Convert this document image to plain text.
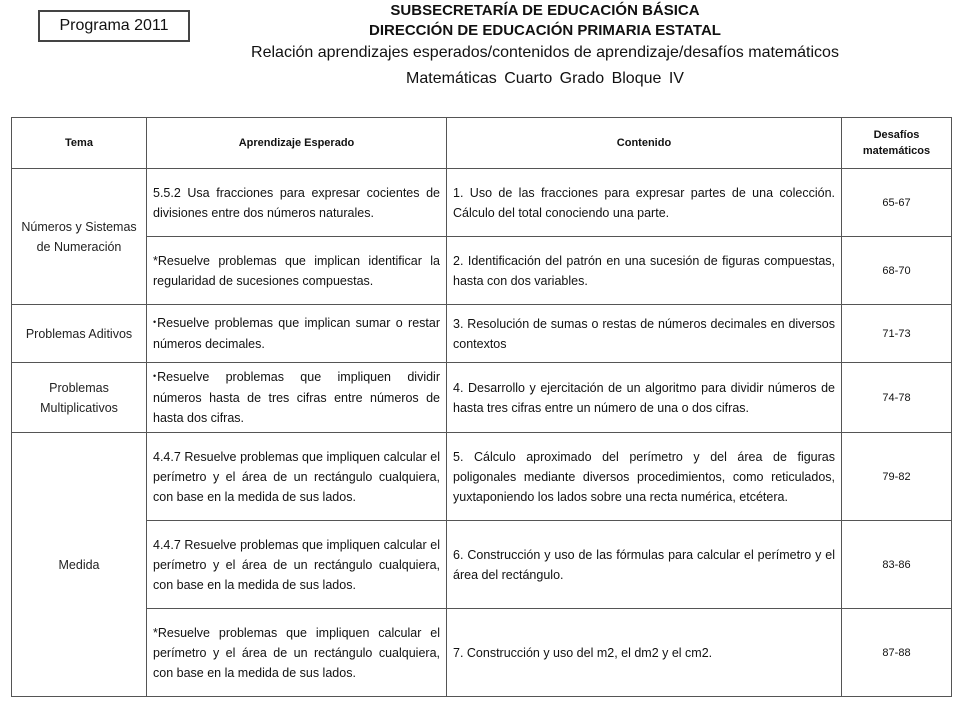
Programa 2011
SUBSECRETARÍA DE EDUCACIÓN BÁSICA
DIRECCIÓN DE EDUCACIÓN PRIMARIA ESTATAL
Relación aprendizajes esperados/contenidos de aprendizaje/desafíos matemáticos
Matemáticas Cuarto Grado Bloque IV
Tema	Aprendizaje Esperado	Contenido	Desafíos matemáticos
Números y Sistemas de Numeración	5.5.2 Usa fracciones para expresar cocientes de divisiones entre dos números naturales.	1. Uso de las fracciones para expresar partes de una colección. Cálculo del total conociendo una parte.	65-67
	*Resuelve problemas que implican identificar la regularidad de sucesiones compuestas.	2. Identificación del patrón en una sucesión de figuras compuestas, hasta con dos variables.	68-70
Problemas Aditivos	• Resuelve problemas que implican sumar o restar números decimales.	3. Resolución de sumas o restas de números decimales en diversos contextos	71-73
Problemas Multiplicativos	• Resuelve problemas que impliquen dividir números hasta de tres cifras entre números de hasta dos cifras.	4. Desarrollo y ejercitación de un algoritmo para dividir números de hasta tres cifras entre un número de una o dos cifras.	74-78
Medida	4.4.7 Resuelve problemas que impliquen calcular el perímetro y el área de un rectángulo cualquiera, con base en la medida de sus lados.	5. Cálculo aproximado del perímetro y del área de figuras poligonales mediante diversos procedimientos, como reticulados, yuxtaponiendo los lados sobre una recta numérica, etcétera.	79-82
	4.4.7 Resuelve problemas que impliquen calcular el perímetro y el área de un rectángulo cualquiera, con base en la medida de sus lados.	6. Construcción y uso de las fórmulas para calcular el perímetro y el área del rectángulo.	83-86
	*Resuelve problemas que impliquen calcular el perímetro y el área de un rectángulo cualquiera, con base en la medida de sus lados.	7. Construcción y uso del m2, el dm2 y el cm2.	87-88
